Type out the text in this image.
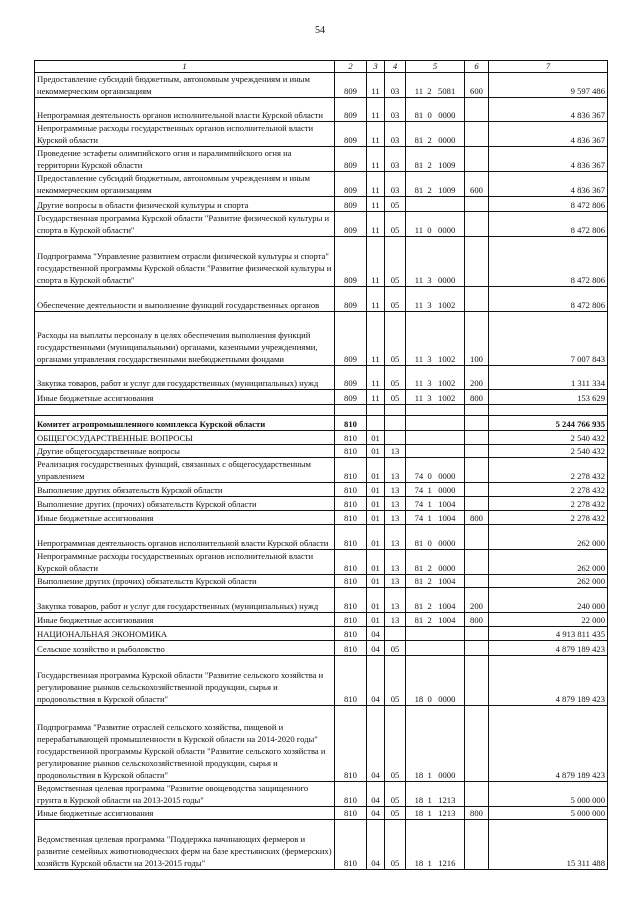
54
1	2	3	4	5	6	7
Предоставление субсидий бюджетным, автономным учреждениям и иным некоммерческим организациям	809	11	03	11  2   5081	600	9 597 486
Непрограмная деятельность органов исполнительной власти Курской области	809	11	03	81  0   0000		4 836 367
Непрограммные расходы государственных органов исполнительной власти Курской области	809	11	03	81  2   0000		4 836 367
Проведение эстафеты олимпийского огня и паралимпийского огня на территории Курской области	809	11	03	81  2   1009		4 836 367
Предоставление субсидий бюджетным, автономным учреждениям и иным некоммерческим организациям	809	11	03	81  2   1009	600	4 836 367
Другие вопросы в области физической культуры и спорта	809	11	05			8 472 806
Государственная программа Курской области "Развитие физической культуры и спорта в Курской области"	809	11	05	11  0   0000		8 472 806
Подпрограмма "Управление развитием отрасли физической культуры и спорта" государственной программы Курской области "Развитие физической культуры и спорта в Курской области"	809	11	05	11  3   0000		8 472 806
Обеспечение деятельности и выполнение функций государственных органов	809	11	05	11  3   1002		8 472 806
Расходы на выплаты персоналу в целях обеспечения выполнения функций государственными (муниципальными) органами, казенными учреждениями, органами управления государственными внебюджетными фондами	809	11	05	11  3   1002	100	7 007 843
Закупка товаров, работ и услуг для государственных (муниципальных) нужд	809	11	05	11  3   1002	200	1 311 334
Иные бюджетные ассигнования	809	11	05	11  3   1002	800	153 629

Комитет агропромышленного комплекса Курской области	810					5 244 766 935
ОБЩЕГОСУДАРСТВЕННЫЕ ВОПРОСЫ	810	01				2 540 432
Другие общегосударственные вопросы	810	01	13			2 540 432
Реализация государственных функций, связанных с общегосударственным управлением	810	01	13	74  0   0000		2 278 432
Выполнение других обязательств Курской области	810	01	13	74  1   0000		2 278 432
Выполнение других (прочих) обязательств Курской области	810	01	13	74  1   1004		2 278 432
Иные бюджетные ассигнования	810	01	13	74  1   1004	800	2 278 432
Непрограммная деятельность органов исполнительной власти Курской области	810	01	13	81  0   0000		262 000
Непрограммные расходы государственных органов исполнительной власти Курской области	810	01	13	81  2   0000		262 000
Выполнение других (прочих) обязательств Курской области	810	01	13	81  2   1004		262 000
Закупка товаров, работ и услуг для государственных (муниципальных) нужд	810	01	13	81  2   1004	200	240 000
Иные бюджетные ассигнования	810	01	13	81  2   1004	800	22 000
НАЦИОНАЛЬНАЯ ЭКОНОМИКА	810	04				4 913 811 435
Сельское хозяйство и рыболовство	810	04	05			4 879 189 423
Государственная программа Курской области "Развитие сельского хозяйства и регулирование рынков сельскохозяйственной продукции, сырья и продовольствия в Курской области"	810	04	05	18  0   0000		4 879 189 423
Подпрограмма "Развитие отраслей сельского хозяйства, пищевой и перерабатывающей промышленности в Курской области на 2014-2020 годы" государственной программы Курской области "Развитие сельского хозяйства и регулирование рынков сельскохозяйственной продукции, сырья и продовольствия в Курской области"	810	04	05	18  1   0000		4 879 189 423
Ведомственная целевая программа "Развитие овощеводства защищенного грунта в Курской области на 2013-2015 годы"	810	04	05	18  1   1213		5 000 000
Иные бюджетные ассигнования	810	04	05	18  1   1213	800	5 000 000
Ведомственная целевая программа "Поддержка начинающих фермеров и развитие семейных животноводческих ферм на базе крестьянских (фермерских) хозяйств Курской области на 2013-2015 годы"	810	04	05	18  1   1216		15 311 488
